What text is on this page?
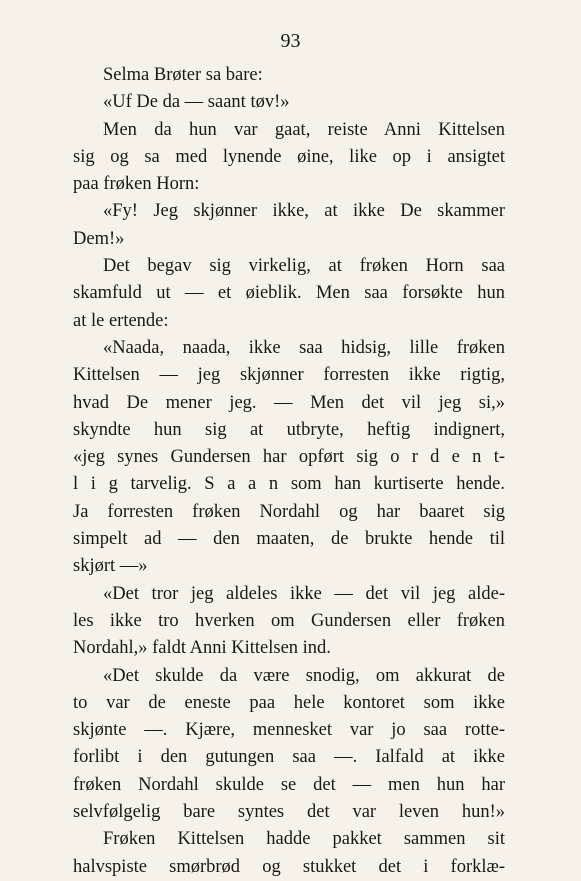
93
Selma Brøter sa bare:
«Uf De da — saant tøv!»
Men da hun var gaat, reiste Anni Kittelsen
sig og sa med lynende øine, like op i ansigtet
paa frøken Horn:
«Fy! Jeg skjønner ikke, at ikke De skammer
Dem!»
Det begav sig virkelig, at frøken Horn saa
skamfuld ut — et øieblik. Men saa forsøkte hun
at le ertende:
«Naada, naada, ikke saa hidsig, lille frøken
Kittelsen — jeg skjønner forresten ikke rigtig,
hvad De mener jeg. — Men det vil jeg si,»
skyndte hun sig at utbryte, heftig indignert,
«jeg synes Gundersen har opført sig o r d e n t-
l i g tarvelig. S a a n som han kurtiserte hende.
Ja forresten frøken Nordahl og har baaret sig
simpelt ad — den maaten, de brukte hende til
skjørt —»
«Det tror jeg aldeles ikke — det vil jeg alde-
les ikke tro hverken om Gundersen eller frøken
Nordahl,» faldt Anni Kittelsen ind.
«Det skulde da være snodig, om akkurat de
to var de eneste paa hele kontoret som ikke
skjønte —. Kjære, mennesket var jo saa rotte-
forlibt i den gutungen saa —. Ialfald at ikke
frøken Nordahl skulde se det — men hun har
selvfølgelig bare syntes det var leven hun!»
Frøken Kittelsen hadde pakket sammen sit
halvspiste smørbrød og stukket det i forklæ-
